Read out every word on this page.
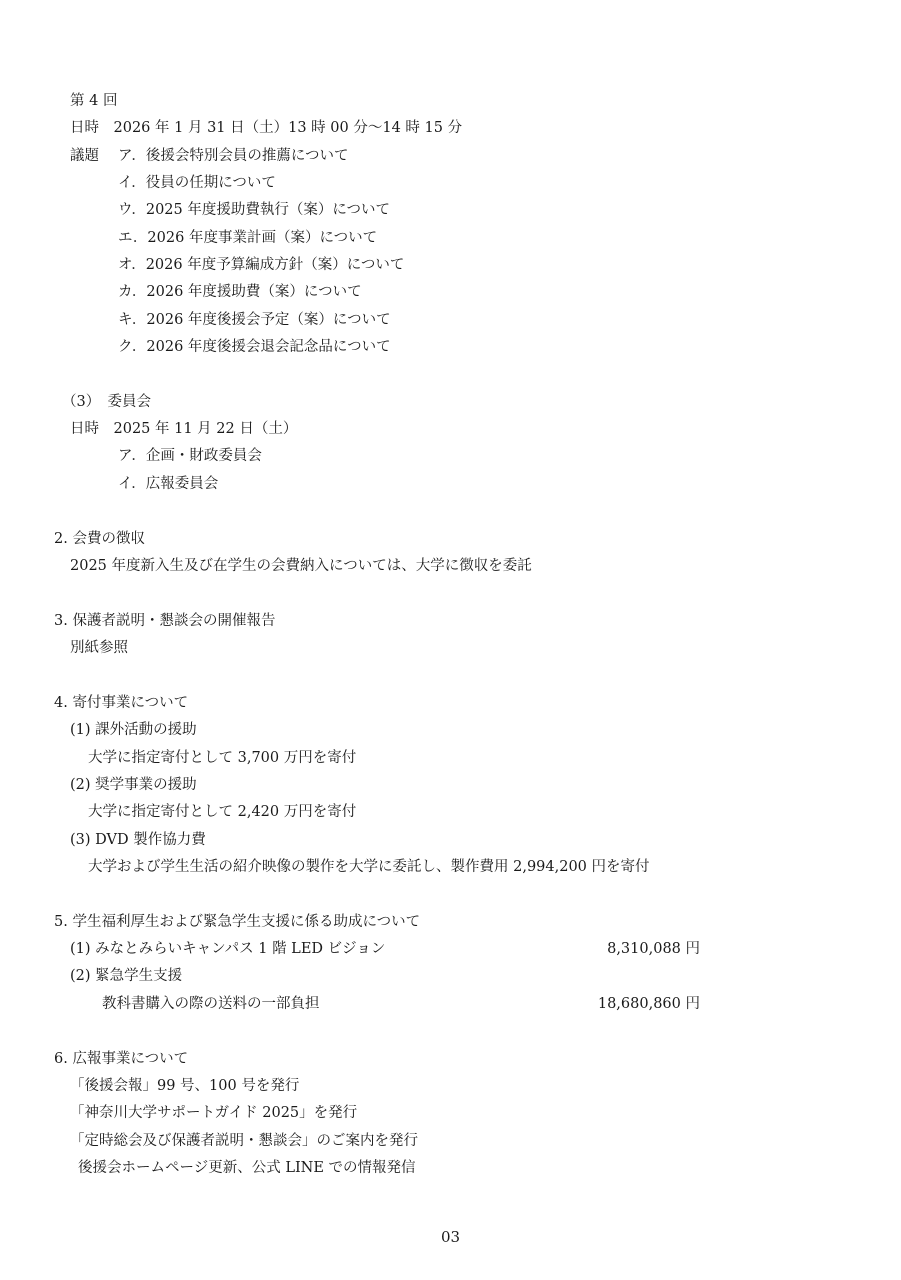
第 4 回
日時　2026 年 1 月 31 日（土）13 時 00 分～14 時 15 分
議題 ア．後援会特別会員の推薦について
イ．役員の任期について
ウ．2025 年度援助費執行（案）について
エ．2026 年度事業計画（案）について
オ．2026 年度予算編成方針（案）について
カ．2026 年度援助費（案）について
キ．2026 年度後援会予定（案）について
ク．2026 年度後援会退会記念品について
（3）　委員会
日時　2025 年 11 月 22 日（土）
ア．企画・財政委員会
イ．広報委員会
2. 会費の徴収
2025 年度新入生及び在学生の会費納入については、大学に徴収を委託
3. 保護者説明・懇談会の開催報告
別紙参照
4. 寄付事業について
(1) 課外活動の援助
大学に指定寄付として 3,700 万円を寄付
(2) 奨学事業の援助
大学に指定寄付として 2,420 万円を寄付
(3) DVD 製作協力費
大学および学生生活の紹介映像の製作を大学に委託し、製作費用 2,994,200 円を寄付
5. 学生福利厚生および緊急学生支援に係る助成について
(1) みなとみらいキャンパス 1 階 LED ビジョン	8,310,088 円
(2) 緊急学生支援
教科書購入の際の送料の一部負担	18,680,860 円
6. 広報事業について
「後援会報」99 号、100 号を発行
「神奈川大学サポートガイド 2025」を発行
「定時総会及び保護者説明・懇談会」のご案内を発行
後援会ホームページ更新、公式 LINE での情報発信
03
